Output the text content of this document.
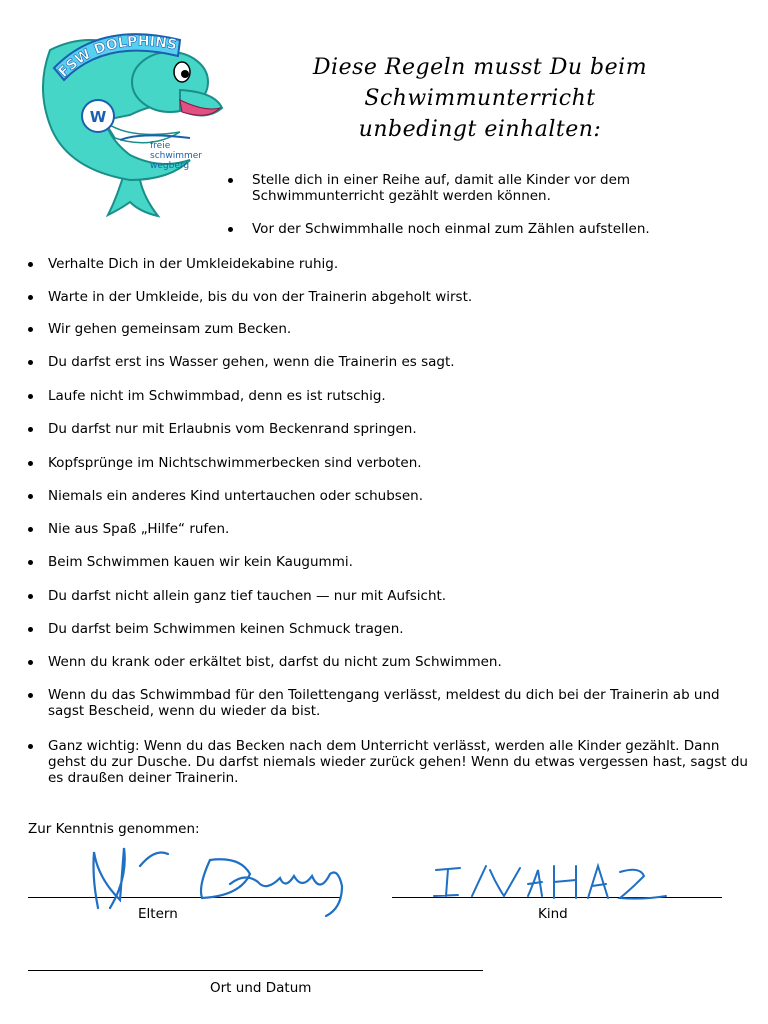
FSW DOLPHINS
W
freie schwimmer wegberg
Diese Regeln musst Du beim
Schwimmunterricht
unbedingt einhalten:
Stelle dich in einer Reihe auf, damit alle Kinder vor dem Schwimmunterricht gezählt werden können.
Vor der Schwimmhalle noch einmal zum Zählen aufstellen.
Verhalte Dich in der Umkleidekabine ruhig.
Warte in der Umkleide, bis du von der Trainerin abgeholt wirst.
Wir gehen gemeinsam zum Becken.
Du darfst erst ins Wasser gehen, wenn die Trainerin es sagt.
Laufe nicht im Schwimmbad, denn es ist rutschig.
Du darfst nur mit Erlaubnis vom Beckenrand springen.
Kopfsprünge im Nichtschwimmerbecken sind verboten.
Niemals ein anderes Kind untertauchen oder schubsen.
Nie aus Spaß „Hilfe“ rufen.
Beim Schwimmen kauen wir kein Kaugummi.
Du darfst nicht allein ganz tief tauchen — nur mit Aufsicht.
Du darfst beim Schwimmen keinen Schmuck tragen.
Wenn du krank oder erkältet bist, darfst du nicht zum Schwimmen.
Wenn du das Schwimmbad für den Toilettengang verlässt, meldest du dich bei der Trainerin ab und sagst Bescheid, wenn du wieder da bist.
Ganz wichtig: Wenn du das Becken nach dem Unterricht verlässt, werden alle Kinder gezählt. Dann gehst du zur Dusche. Du darfst niemals wieder zurück gehen! Wenn du etwas vergessen hast, sagst du es draußen deiner Trainerin.
Zur Kenntnis genommen:
Eltern	Kind
Ort und Datum
